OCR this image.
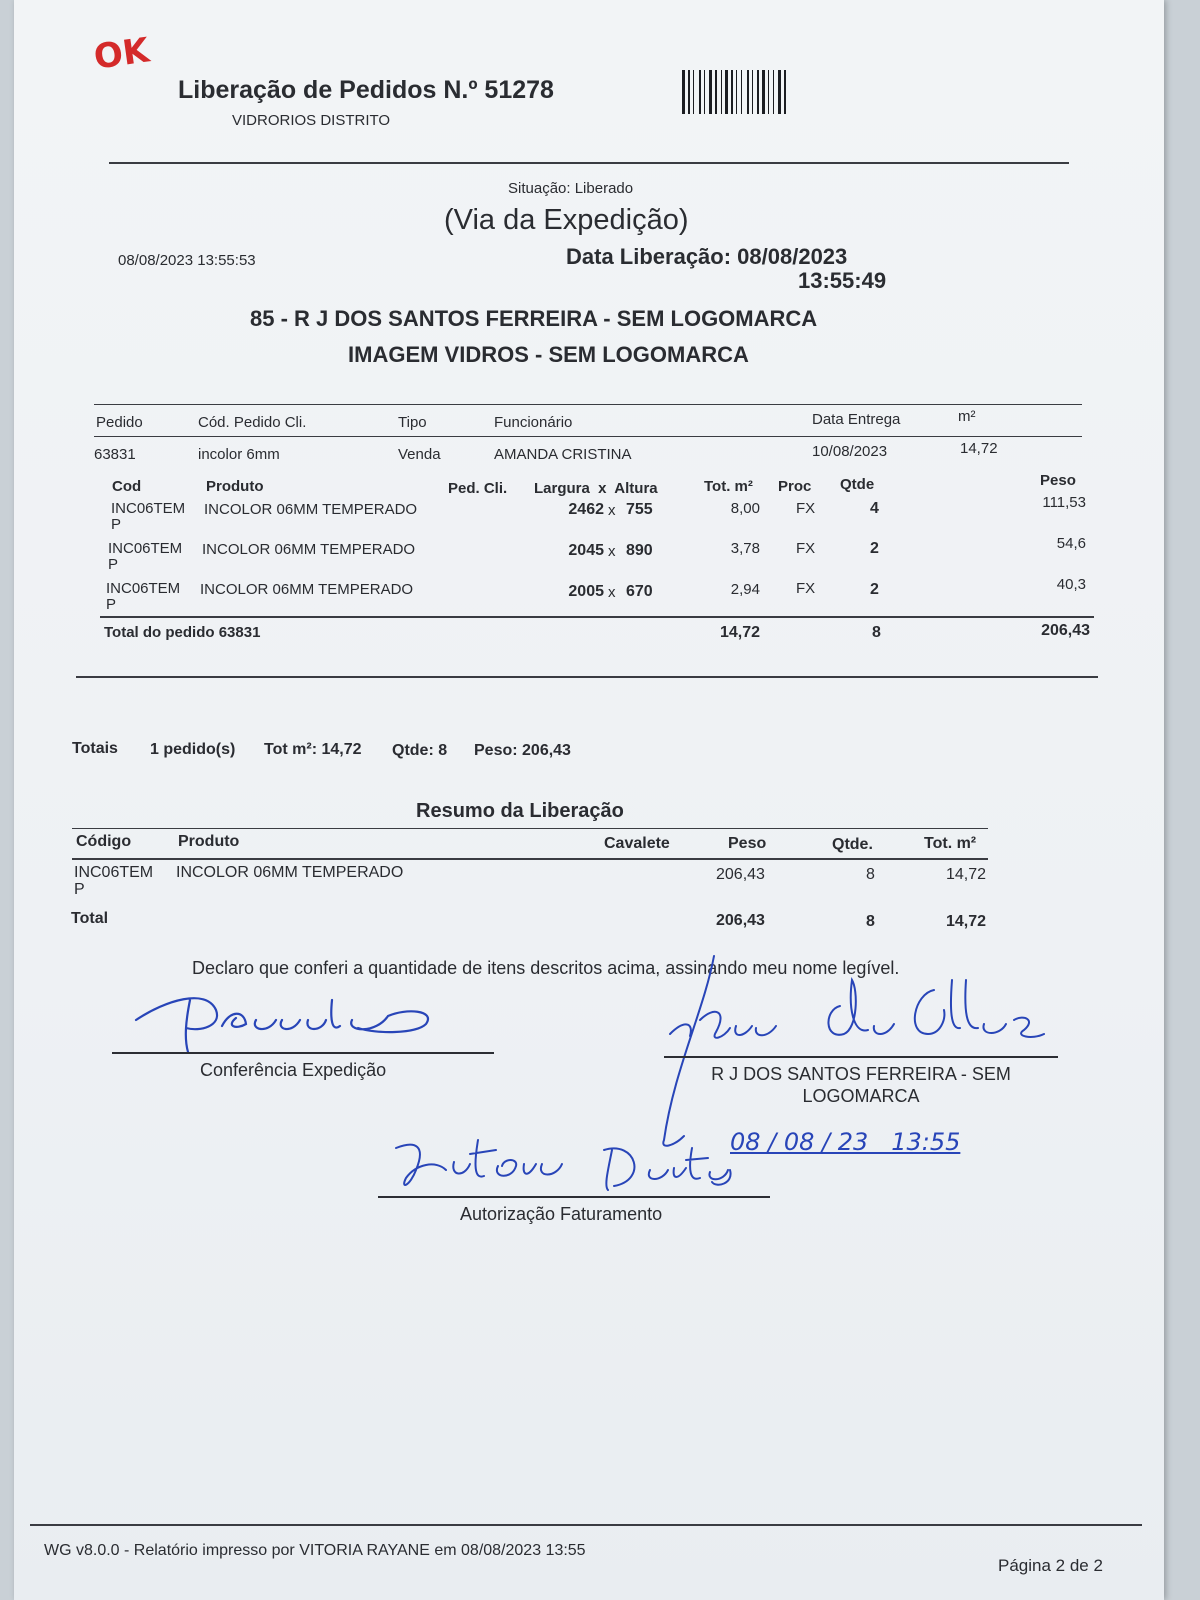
OK
Liberação de Pedidos N.º 51278
VIDRORIOS DISTRITO
Situação: Liberado
(Via da Expedição)
08/08/2023 13:55:53	Data Liberação: 08/08/2023
13:55:49
85 - R J DOS SANTOS FERREIRA - SEM LOGOMARCA
IMAGEM VIDROS - SEM LOGOMARCA
Pedido	Cód. Pedido Cli.	Tipo	Funcionário	Data Entrega	m²
63831	incolor 6mm	Venda	AMANDA CRISTINA	10/08/2023	14,72
Cod	Produto	Ped. Cli. Largura  x  Altura	Tot. m² Proc Qtde	Peso
INC06TEM
P
INCOLOR 06MM TEMPERADO	2462 x 755	8,00 FX	4	111,53
INC06TEM
P
INCOLOR 06MM TEMPERADO	2045 x 890	3,78 FX	2	54,6
INC06TEM
P
INCOLOR 06MM TEMPERADO	2005 x 670	2,94 FX	2	40,3
Total do pedido 63831	14,72	8	206,43
Totais 1 pedido(s) Tot m²: 14,72 Qtde: 8 Peso: 206,43
Resumo da Liberação
Código	Produto	Cavalete	Peso	Qtde.	Tot. m²
INC06TEM
P
INCOLOR 06MM TEMPERADO	206,43	8	14,72
Total	206,43	8	14,72
Declaro que conferi a quantidade de itens descritos acima, assinando meu nome legível.
Conferência Expedição	R J DOS SANTOS FERREIRA - SEM
LOGOMARCA
08 / 08 / 23   13:55
Autorização Faturamento
WG v8.0.0 - Relatório impresso por VITORIA RAYANE em 08/08/2023 13:55
Página 2 de 2
